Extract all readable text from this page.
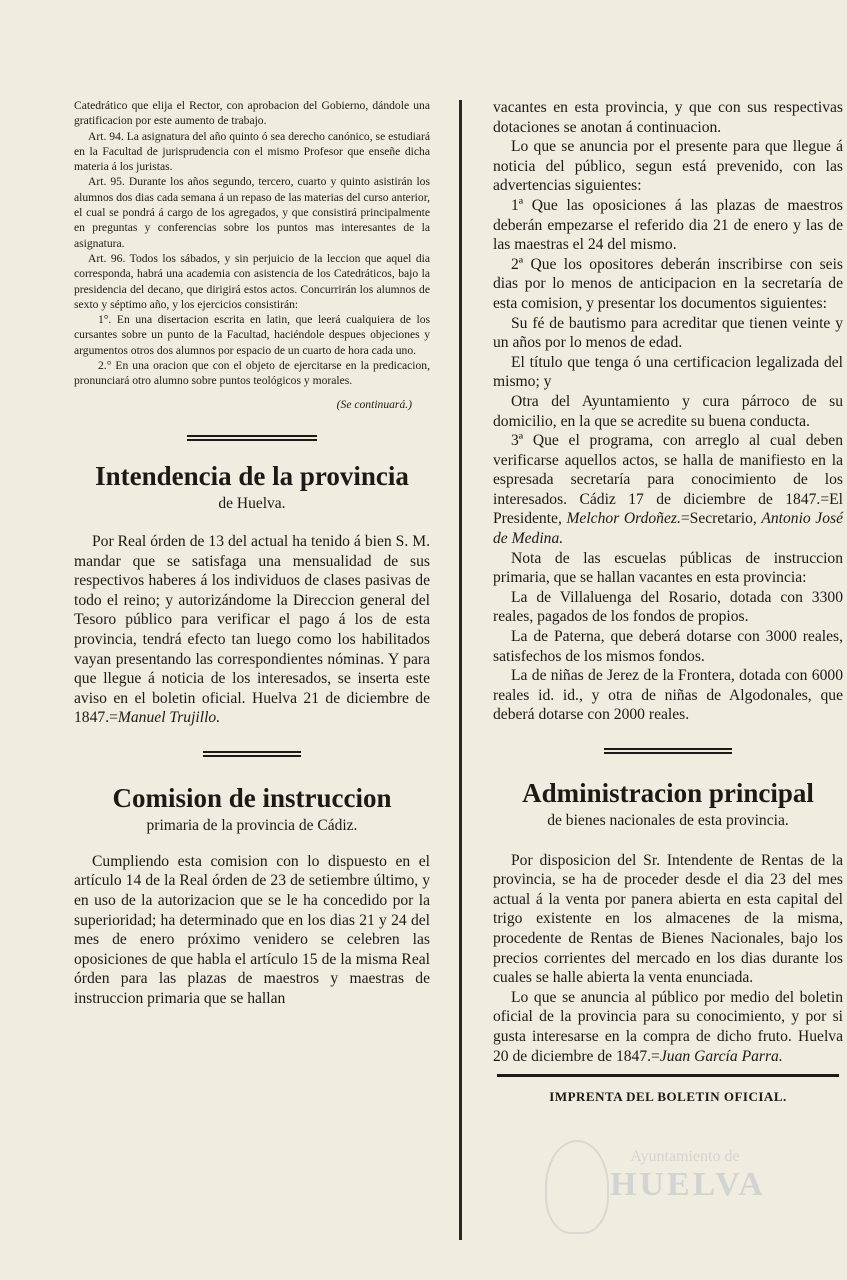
Catedrático que elija el Rector, con aprobacion del Gobierno, dándole una gratificacion por este aumento de trabajo.

Art. 94. La asignatura del año quinto ó sea derecho canónico, se estudiará en la Facultad de jurisprudencia con el mismo Profesor que enseñe dicha materia á los juristas.

Art. 95. Durante los años segundo, tercero, cuarto y quinto asistirán los alumnos dos dias cada semana á un repaso de las materias del curso anterior, el cual se pondrá á cargo de los agregados, y que consistirá principalmente en preguntas y conferencias sobre los puntos mas interesantes de la asignatura.

Art. 96. Todos los sábados, y sin perjuicio de la leccion que aquel dia corresponda, habrá una academia con asistencia de los Catedráticos, bajo la presidencia del decano, que dirigirá estos actos. Concurrirán los alumnos de sexto y séptimo año, y los ejercicios consistirán:

1°. En una disertacion escrita en latin, que leerá cualquiera de los cursantes sobre un punto de la Facultad, haciéndole despues objeciones y argumentos otros dos alumnos por espacio de un cuarto de hora cada uno.

2.° En una oracion que con el objeto de ejercitarse en la predicacion, pronunciará otro alumno sobre puntos teológicos y morales.

(Se continuará.)

Intendencia de la provincia

de Huelva.

Por Real órden de 13 del actual ha tenido á bien S. M. mandar que se satisfaga una mensualidad de sus respectivos haberes á los individuos de clases pasivas de todo el reino; y autorizándome la Direccion general del Tesoro público para verificar el pago á los de esta provincia, tendrá efecto tan luego como los habilitados vayan presentando las correspondientes nóminas. Y para que llegue á noticia de los interesados, se inserta este aviso en el boletin oficial. Huelva 21 de diciembre de 1847.=Manuel Trujillo.

Comision de instruccion

primaria de la provincia de Cádiz.

Cumpliendo esta comision con lo dispuesto en el artículo 14 de la Real órden de 23 de setiembre último, y en uso de la autorizacion que se le ha concedido por la superioridad; ha determinado que en los dias 21 y 24 del mes de enero próximo venidero se celebren las oposiciones de que habla el artículo 15 de la misma Real órden para las plazas de maestros y maestras de instruccion primaria que se hallan

vacantes en esta provincia, y que con sus respectivas dotaciones se anotan á continuacion.

Lo que se anuncia por el presente para que llegue á noticia del público, segun está prevenido, con las advertencias siguientes:

1ª Que las oposiciones á las plazas de maestros deberán empezarse el referido dia 21 de enero y las de las maestras el 24 del mismo.

2ª Que los opositores deberán inscribirse con seis dias por lo menos de anticipacion en la secretaría de esta comision, y presentar los documentos siguientes:

Su fé de bautismo para acreditar que tienen veinte y un años por lo menos de edad.

El título que tenga ó una certificacion legalizada del mismo; y

Otra del Ayuntamiento y cura párroco de su domicilio, en la que se acredite su buena conducta.

3ª Que el programa, con arreglo al cual deben verificarse aquellos actos, se halla de manifiesto en la espresada secretaría para conocimiento de los interesados. Cádiz 17 de diciembre de 1847.=El Presidente, Melchor Ordoñez.=Secretario, Antonio José de Medina.

Nota de las escuelas públicas de instruccion primaria, que se hallan vacantes en esta provincia:

La de Villaluenga del Rosario, dotada con 3300 reales, pagados de los fondos de propios.

La de Paterna, que deberá dotarse con 3000 reales, satisfechos de los mismos fondos.

La de niñas de Jerez de la Frontera, dotada con 6000 reales id. id., y otra de niñas de Algodonales, que deberá dotarse con 2000 reales.

Administracion principal

de bienes nacionales de esta provincia.

Por disposicion del Sr. Intendente de Rentas de la provincia, se ha de proceder desde el dia 23 del mes actual á la venta por panera abierta en esta capital del trigo existente en los almacenes de la misma, procedente de Rentas de Bienes Nacionales, bajo los precios corrientes del mercado en los dias durante los cuales se halle abierta la venta enunciada.

Lo que se anuncia al público por medio del boletin oficial de la provincia para su conocimiento, y por si gusta interesarse en la compra de dicho fruto. Huelva 20 de diciembre de 1847.=Juan García Parra.

IMPRENTA DEL BOLETIN OFICIAL.
Ayuntamiento de
HUELVA
